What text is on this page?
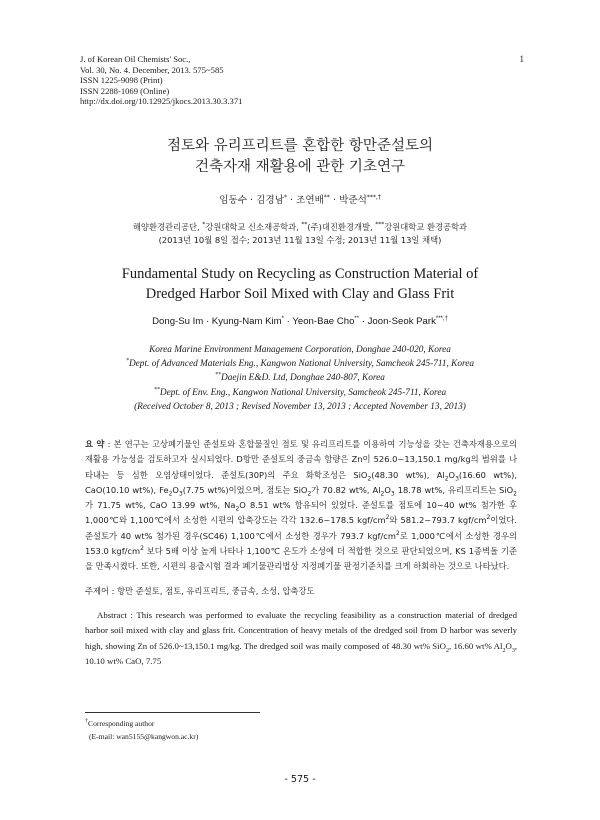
J. of Korean Oil Chemists' Soc.,
Vol. 30, No. 4. December, 2013. 575~585
ISSN 1225-9098 (Print)
ISSN 2288-1069 (Online)
http://dx.doi.org/10.12925/jkocs.2013.30.3.371
1
점토와 유리프리트를 혼합한 항만준설토의
건축자재 재활용에 관한 기초연구
임동수 · 김경남* · 조연배** · 박준석***,†
해양환경관리공단, *강원대학교 신소재공학과, **(주)대진환경개발, ***강원대학교 환경공학과
(2013년 10월 8일 접수; 2013년 11월 13일 수정; 2013년 11월 13일 채택)
Fundamental Study on Recycling as Construction Material of
Dredged Harbor Soil Mixed with Clay and Glass Frit
Dong-Su Im · Kyung-Nam Kim* · Yeon-Bae Cho** · Joon-Seok Park***,†
Korea Marine Environment Management Corporation, Donghae 240-020, Korea
*Dept. of Advanced Materials Eng., Kangwon National University, Samcheok 245-711, Korea
**Daejin E&D. Ltd, Donghae 240-807, Korea
**Dept. of Env. Eng., Kangwon National University, Samcheok 245-711, Korea
(Received October 8, 2013 ; Revised November 13, 2013 ; Accepted November 13, 2013)
요 약 : 본 연구는 고상폐기물인 준설토와 혼합물질인 점토 및 유리프리트를 이용하여 기능성을 갖는 건축자재용으로의 재활용 가능성을 검토하고자 실시되었다. D항만 준설토의 중금속 함량은 Zn이 526.0~13,150.1 mg/kg의 범위를 나타내는 등 심한 오염상태이었다. 준설토(30P)의 주요 화학조성은 SiO$_2$(48.30 wt%), $Al_2O_3(16.60$ wt%), CaO(10.10 wt%), $Fe_2O_3(7.75$ wt%)이었으며, 점토는 SiO$_2$가 70.82 wt%, $Al_2O_3$ 18.78 wt%, 유리프리트는 SiO$_2$가 71.75 wt%, CaO 13.99 wt%, $Na_2O$ 8.51 wt% 함유되어 있었다. 준설토를 점토에 10~40 wt% 첨가한 후 1,000℃와 1,100℃에서 소성한 시편의 압축강도는 각각 132.6~178.5 kgf/$cm^2$와 581.2~793.7 kgf/$cm^2$이었다. 준설토가 40 wt% 첨가된 경우(SC46) 1,100℃에서 소성한 경우가 793.7 kgf/$cm^2$로 1,000℃에서 소성한 경우의 153.0 kgf/$cm^2$ 보다 5배 이상 높게 나타나 1,100℃ 온도가 소성에 더 적합한 것으로 판단되었으며, KS 1종벽돌 기준을 만족시켰다. 또한, 시편의 용출시험 결과 폐기물관리법상 지정폐기물 판정기준치를 크게 하회하는 것으로 나타났다.
주제어 : 항만 준설토, 점토, 유리프리트, 중금속, 소성, 압축강도
Abstract : This research was performed to evaluate the recycling feasibility as a construction material of dredged harbor soil mixed with clay and glass frit. Concentration of heavy metals of the dredged soil from D harbor was severly high, showing Zn of 526.0~13,150.1 mg/kg. The dredged soil was maily composed of 48.30 wt% SiO$_2$, 16.60 wt% $Al_2O_3$, 10.10 wt% CaO, 7.75
†Corresponding author
(E-mail: wan5155@kangwon.ac.kr)
- 575 -
